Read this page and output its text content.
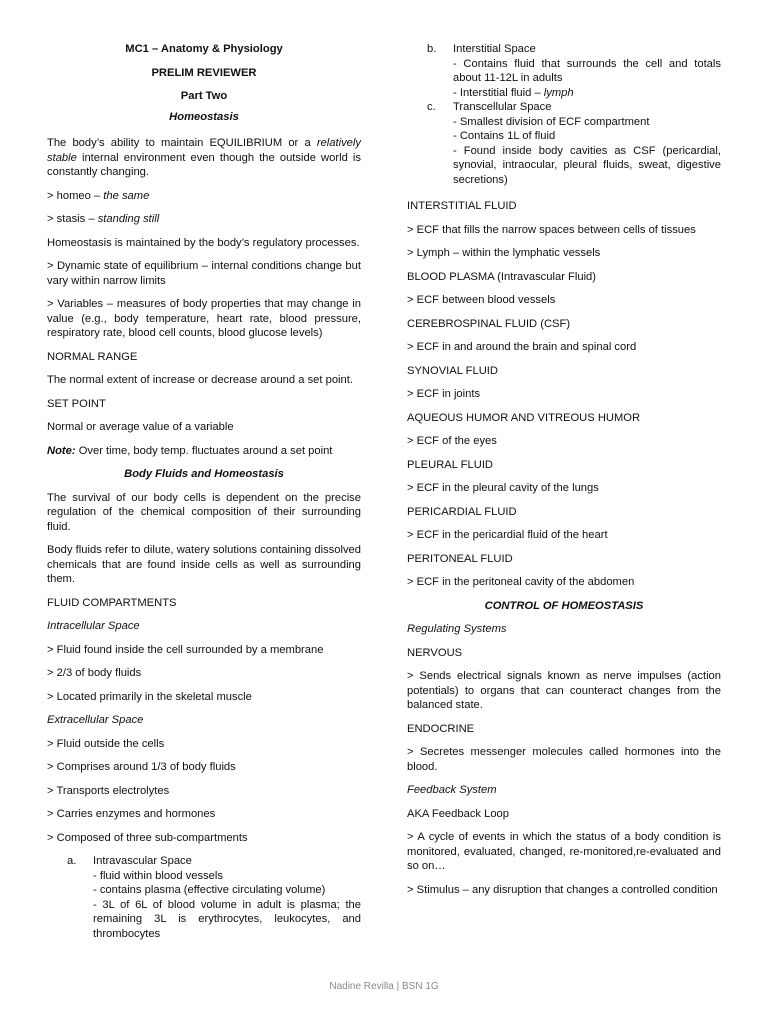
MC1 – Anatomy & Physiology

PRELIM REVIEWER

Part Two

Homeostasis

The body’s ability to maintain EQUILIBRIUM or a relatively stable internal environment even though the outside world is constantly changing.

> homeo – the same

> stasis – standing still

Homeostasis is maintained by the body’s regulatory processes.

> Dynamic state of equilibrium – internal conditions change but vary within narrow limits

> Variables – measures of body properties that may change in value (e.g., body temperature, heart rate, blood pressure, respiratory rate, blood cell counts, blood glucose levels)

NORMAL RANGE

The normal extent of increase or decrease around a set point.

SET POINT

Normal or average value of a variable

Note: Over time, body temp. fluctuates around a set point

Body Fluids and Homeostasis

The survival of our body cells is dependent on the precise regulation of the chemical composition of their surrounding fluid.

Body fluids refer to dilute, watery solutions containing dissolved chemicals that are found inside cells as well as surrounding them.

FLUID COMPARTMENTS

Intracellular Space

> Fluid found inside the cell surrounded by a membrane

> 2/3 of body fluids

> Located primarily in the skeletal muscle

Extracellular Space

> Fluid outside the cells

> Comprises around 1/3 of body fluids

> Transports electrolytes

> Carries enzymes and hormones

> Composed of three sub-compartments

a.	Intravascular Space

- fluid within blood vessels

- contains plasma (effective circulating volume)

- 3L of 6L of blood volume in adult is plasma; the remaining 3L is erythrocytes, leukocytes, and thrombocytes

b.	Interstitial Space

- Contains fluid that surrounds the cell and totals about 11-12L in adults

- Interstitial fluid – lymph

c.	Transcellular Space

- Smallest division of ECF compartment

- Contains 1L of fluid

- Found inside body cavities as CSF (pericardial, synovial, intraocular, pleural fluids, sweat, digestive secretions)

INTERSTITIAL FLUID

> ECF that fills the narrow spaces between cells of tissues

> Lymph – within the lymphatic vessels

BLOOD PLASMA (Intravascular Fluid)

> ECF between blood vessels

CEREBROSPINAL FLUID (CSF)

> ECF in and around the brain and spinal cord

SYNOVIAL FLUID

> ECF in joints

AQUEOUS HUMOR AND VITREOUS HUMOR

> ECF of the eyes

PLEURAL FLUID

> ECF in the pleural cavity of the lungs

PERICARDIAL FLUID

> ECF in the pericardial fluid of the heart

PERITONEAL FLUID

> ECF in the peritoneal cavity of the abdomen

CONTROL OF HOMEOSTASIS

Regulating Systems

NERVOUS

> Sends electrical signals known as nerve impulses (action potentials) to organs that can counteract changes from the balanced state.

ENDOCRINE

> Secretes messenger molecules called hormones into the blood.

Feedback System

AKA Feedback Loop

> A cycle of events in which the status of a body condition is monitored, evaluated, changed, re-monitored,re-evaluated and so on…

> Stimulus – any disruption that changes a controlled condition

Nadine Revilla | BSN 1G
